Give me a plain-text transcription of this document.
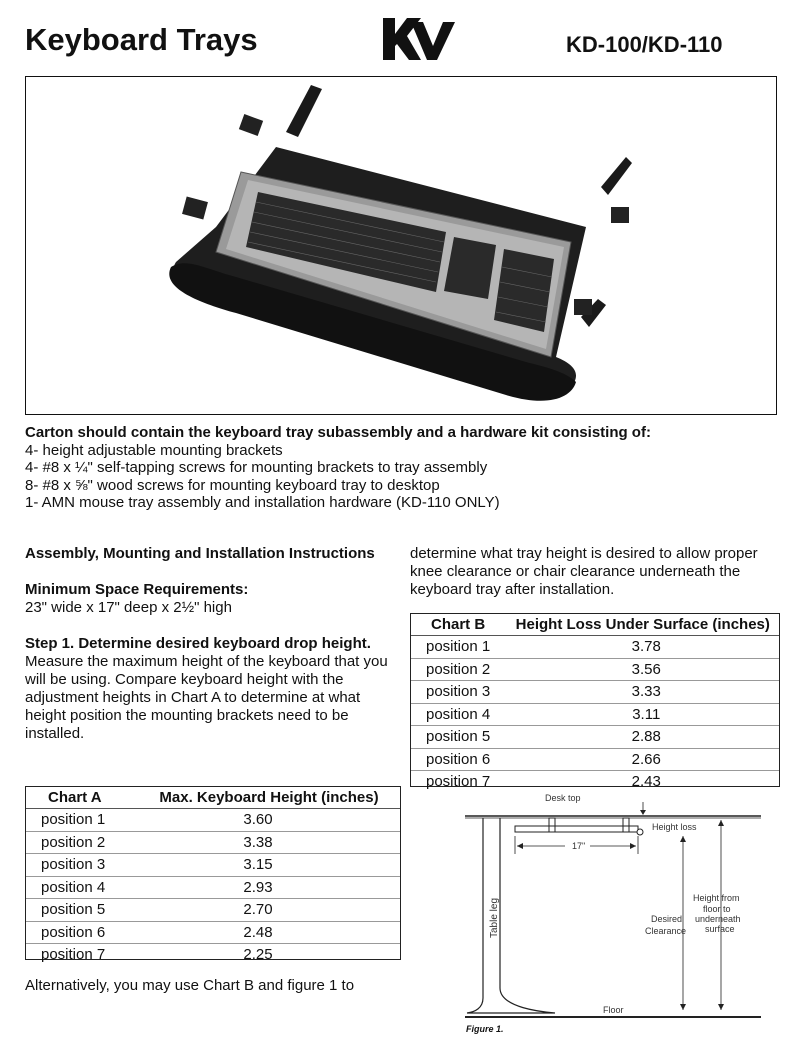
Keyboard Trays	KD-100/KD-110
Carton should contain the keyboard tray subassembly and a hardware kit consisting of:
4- height adjustable mounting brackets
4- #8 x ¼" self-tapping screws for mounting brackets to tray assembly
8- #8 x ⅝" wood screws for mounting keyboard tray to desktop
1- AMN mouse tray assembly and installation hardware (KD-110 ONLY)
Assembly, Mounting and Installation Instructions
Minimum Space Requirements:
23" wide x 17" deep x 2½" high
Step 1. Determine desired keyboard drop height.
Measure the maximum height of the keyboard that you will be using. Compare keyboard height with the adjustment heights in Chart A to determine at what height position the mounting brackets need to be installed.
determine what tray height is desired to allow proper knee clearance or chair clearance underneath the keyboard tray after installation.
Chart A	Max. Keyboard Height (inches)
position 1	3.60
position 2	3.38
position 3	3.15
position 4	2.93
position 5	2.70
position 6	2.48
position 7	2.25
Chart B	Height Loss Under Surface (inches)
position 1	3.78
position 2	3.56
position 3	3.33
position 4	3.11
position 5	2.88
position 6	2.66
position 7	2.43
Alternatively, you may use Chart B and figure 1 to
Desk top
Table leg
Height loss
17"
Desired
Clearance
Height from
floor to
underneath
surface
Floor
Figure 1.
